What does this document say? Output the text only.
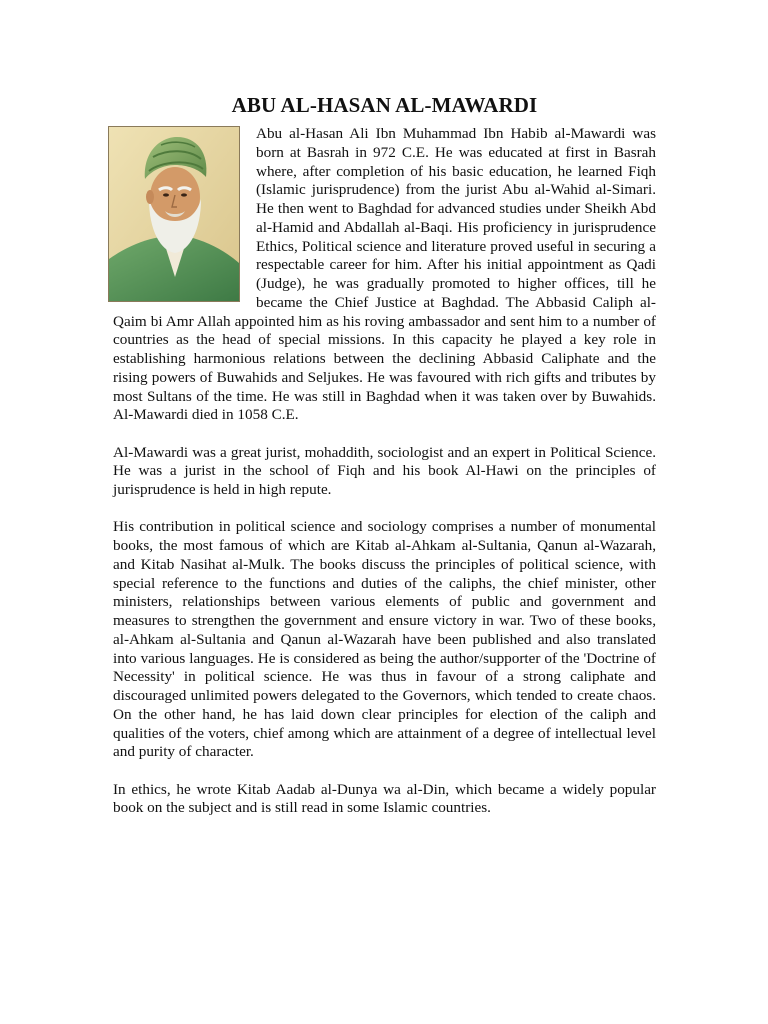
ABU AL-HASAN AL-MAWARDI

Abu al-Hasan Ali Ibn Muhammad Ibn Habib al-Mawardi was born at Basrah in 972 C.E. He was educated at first in Basrah where, after completion of his basic education, he learned Fiqh (Islamic jurisprudence) from the jurist Abu al-Wahid al-Simari. He then went to Baghdad for advanced studies under Sheikh Abd al-Hamid and Abdallah al-Baqi. His proficiency in jurisprudence Ethics, Political science and literature proved useful in securing a respectable career for him. After his initial appointment as Qadi (Judge), he was gradually promoted to higher offices, till he became the Chief Justice at Baghdad. The Abbasid Caliph al-Qaim bi Amr Allah appointed him as his roving ambassador and sent him to a number of countries as the head of special missions. In this capacity he played a key role in establishing harmonious relations between the declining Abbasid Caliphate and the rising powers of Buwahids and Seljukes. He was favoured with rich gifts and tributes by most Sultans of the time. He was still in Baghdad when it was taken over by Buwahids. Al-Mawardi died in 1058 C.E.

Al-Mawardi was a great jurist, mohaddith, sociologist and an expert in Political Science. He was a jurist in the school of Fiqh and his book Al-Hawi on the principles of jurisprudence is held in high repute.

His contribution in political science and sociology comprises a number of monumental books, the most famous of which are Kitab al-Ahkam al-Sultania, Qanun al-Wazarah, and Kitab Nasihat al-Mulk. The books discuss the principles of political science, with special reference to the functions and duties of the caliphs, the chief minister, other ministers, relationships between various elements of public and government and measures to strengthen the government and ensure victory in war. Two of these books, al-Ahkam al-Sultania and Qanun al-Wazarah have been published and also translated into various languages. He is considered as being the author/supporter of the 'Doctrine of Necessity' in political science. He was thus in favour of a strong caliphate and discouraged unlimited powers delegated to the Governors, which tended to create chaos. On the other hand, he has laid down clear principles for election of the caliph and qualities of the voters, chief among which are attainment of a degree of intellectual level and purity of character.

In ethics, he wrote Kitab Aadab al-Dunya wa al-Din, which became a widely popular book on the subject and is still read in some Islamic countries.
